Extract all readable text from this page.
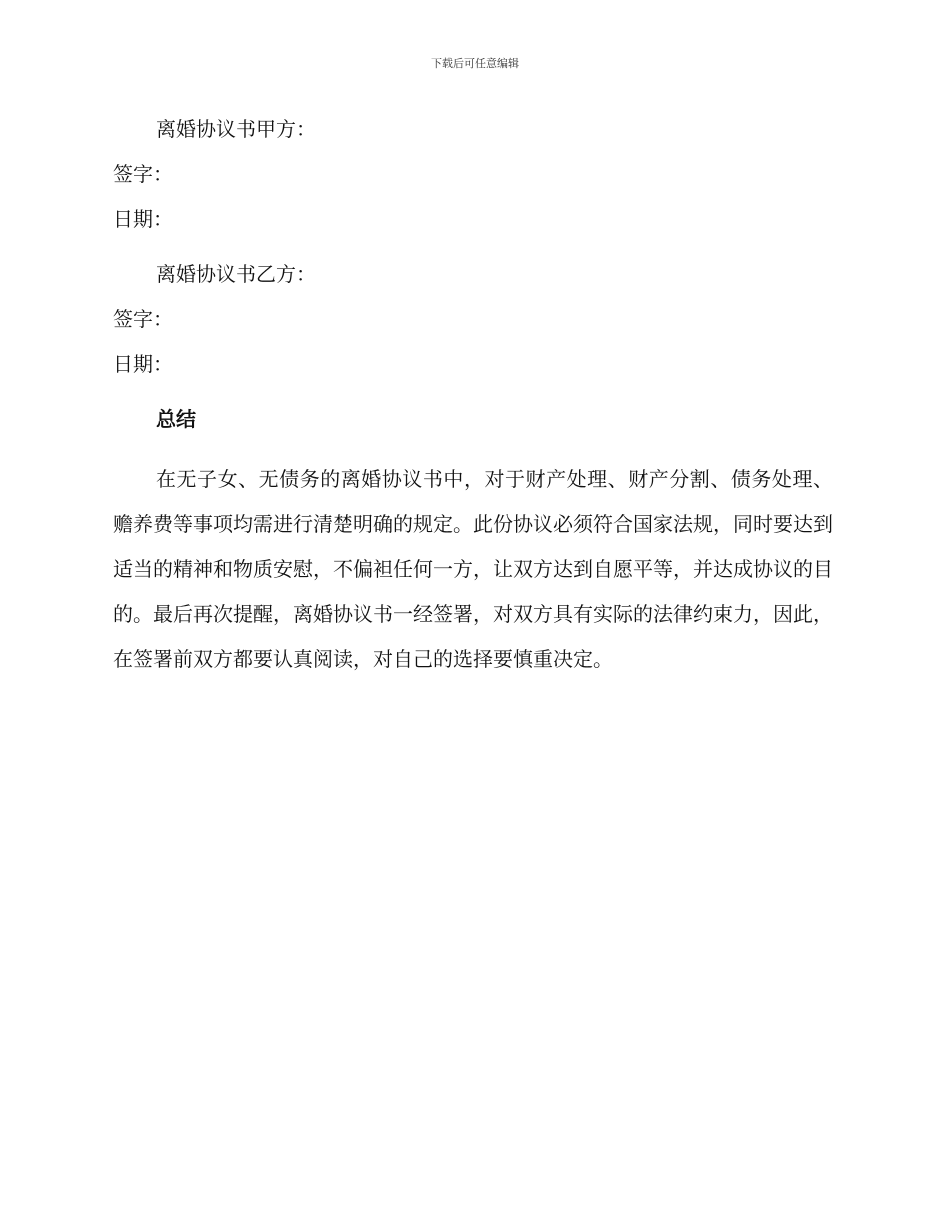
下载后可任意编辑
离婚协议书甲方：
签字：
日期：
离婚协议书乙方：
签字：
日期：
总结

在无子女、无债务的离婚协议书中，对于财产处理、财产分割、债务处理、赡养费等事项均需进行清楚明确的规定。此份协议必须符合国家法规，同时要达到适当的精神和物质安慰，不偏袒任何一方，让双方达到自愿平等，并达成协议的目的。最后再次提醒，离婚协议书一经签署，对双方具有实际的法律约束力，因此，在签署前双方都要认真阅读，对自己的选择要慎重决定。
